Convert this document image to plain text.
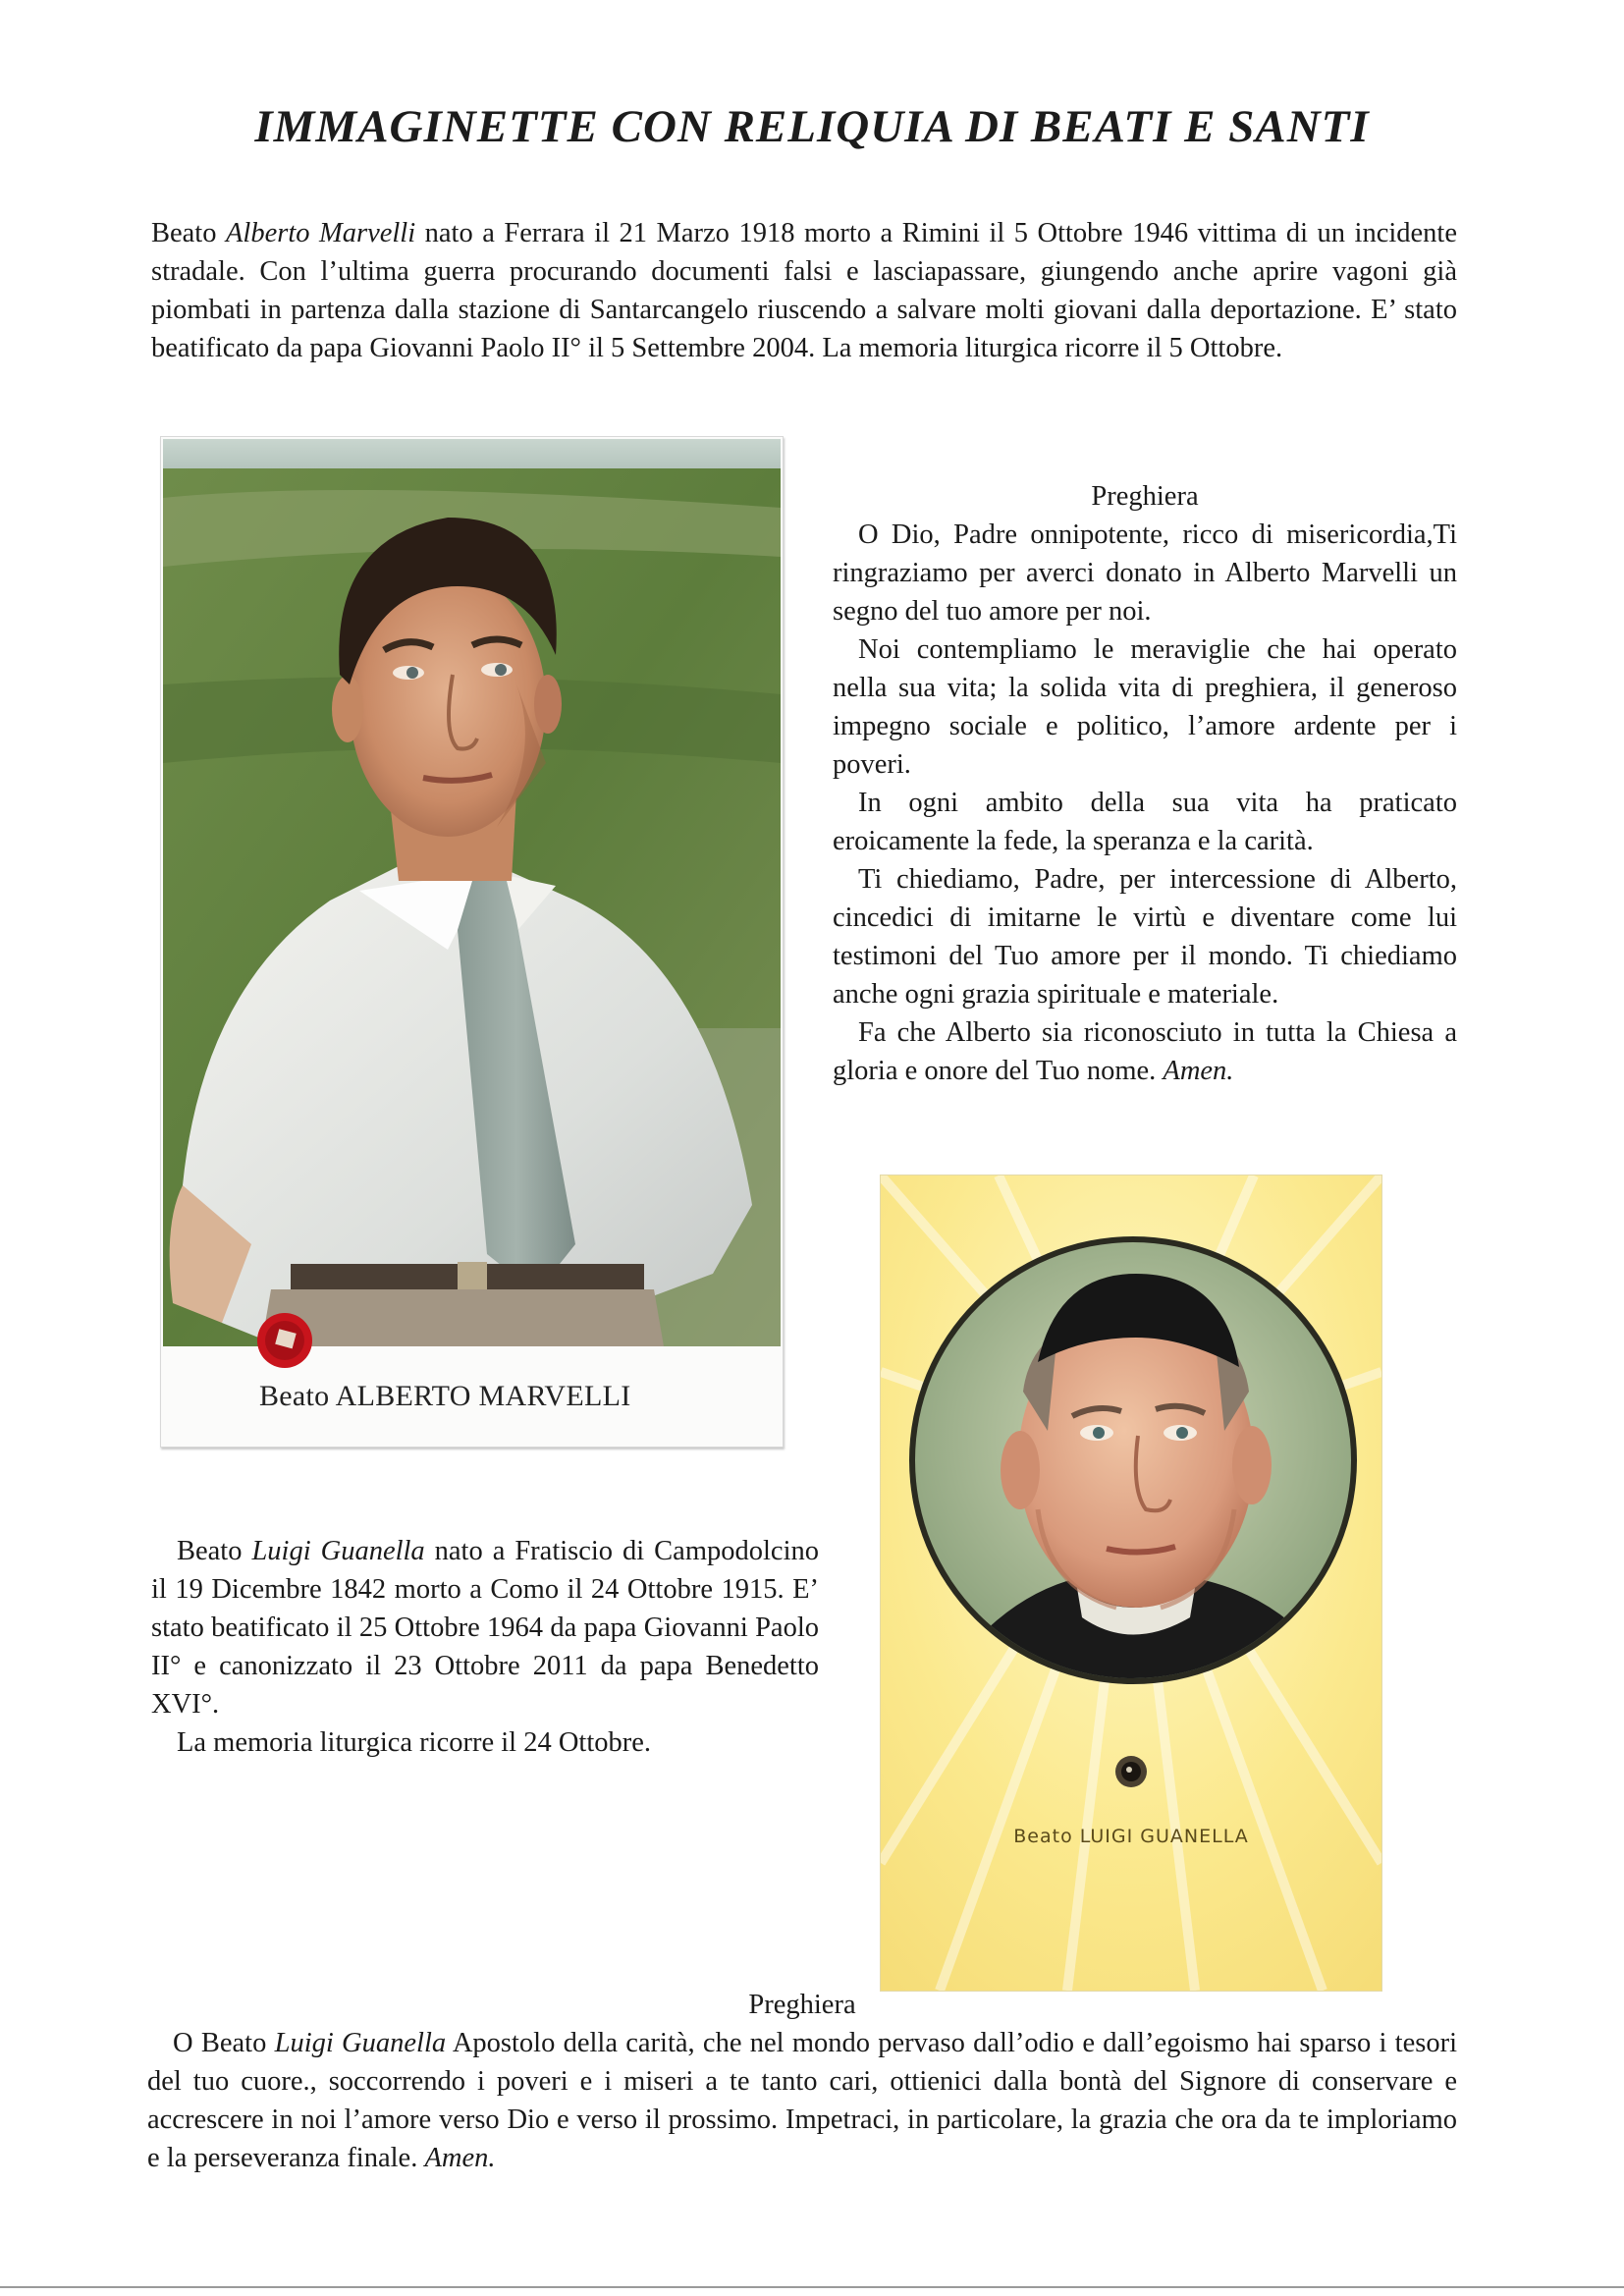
IMMAGINETTE CON RELIQUIA DI BEATI E SANTI
Beato Alberto Marvelli nato a Ferrara il 21 Marzo 1918 morto a Rimini il 5 Ottobre 1946 vittima di un incidente stradale. Con l’ultima guerra procurando documenti falsi e lasciapassare, giungendo anche aprire vagoni già piombati in partenza dalla stazione di Santarcangelo riuscendo a salvare molti giovani dalla deportazione. E’ stato beatificato da papa Giovanni Paolo II° il 5 Settembre 2004. La memoria liturgica ricorre il 5 Ottobre.
Beato ALBERTO MARVELLI

Preghiera

O Dio, Padre onnipotente, ricco di misericordia,Ti ringraziamo per averci donato in Alberto Marvelli un segno del tuo amore per noi.

Noi contempliamo le meraviglie che hai operato nella sua vita; la solida vita di preghiera, il generoso impegno sociale e politico, l’amore ardente per i poveri.

In ogni ambito della sua vita ha praticato eroicamente la fede, la speranza e la carità.

Ti chiediamo, Padre, per intercessione di Alberto, cincedici di imitarne le virtù e diventare come lui testimoni del Tuo amore per il mondo. Ti chiediamo anche ogni grazia spirituale e materiale.

Fa che Alberto sia riconosciuto in tutta la Chiesa a gloria e onore del Tuo nome. Amen.

Beato LUIGI GUANELLA

Beato Luigi Guanella nato a Fratiscio di Campodolcino il 19 Dicembre 1842 morto a Como il 24 Ottobre 1915. E’ stato beatificato il 25 Ottobre 1964 da papa Giovanni Paolo II° e canonizzato il 23 Ottobre 2011 da papa Benedetto XVI°.

La memoria liturgica ricorre il 24 Ottobre.

Preghiera

O Beato Luigi Guanella Apostolo della carità, che nel mondo pervaso dall’odio e dall’egoismo hai sparso i tesori del tuo cuore., soccorrendo i poveri e i miseri a te tanto cari, ottienici dalla bontà del Signore di conservare e accrescere in noi l’amore verso Dio e verso il prossimo. Impetraci, in particolare, la grazia che ora da te imploriamo e la perseveranza finale. Amen.
